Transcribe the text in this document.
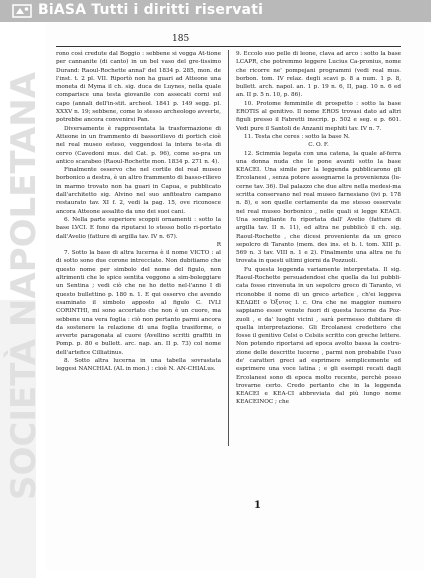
BiASA Tutti i diritti riservati
SOCIETÀ NAPOLETANA
185

rono così credute dal Boggio : sebbene si vegga At-tione per cannanite (di canto) in un bel vaso del gre-tissimo Durand: Raoul-Rochette annal' del 1834 p. 285, mon. de l'inst. t. 2 pl. VII. Riportò non ha guari ad Atteone una moneta di Myma il ch. sig. duca de Luynes, nella quale comparisce una testa giovanile con assecati corni sul capo (annali dell'in-stit. archeol. 1841 p. 149 segg. pl. XXXV n. 19; sebbene, come lo stesso archeologo avverte, potrebbe ancora convenirsi Pan.

Diversamente è rappresentata la trasformazione di Atteone in un frammento di bassorilievo di portich cioè nel real museo esteso, veggendosi la intera te-sta di cervo (Cavedoni mus. del Cat. p. 96), come so-pra un antico scarabeo (Raoul-Rochette mon. 1834 p. 271 n. 4).

Finalmente osservo che nel cortile del real museo borbonico a destra, è un altro frammento di basso-rilievo in marmo trovato non ha guari in Capua, e pubblicato dall'architetto sig. Alvino nel suo anfiteatro campano restaurato tav. XI f. 2, vedi la pag. 15, ove riconosce ancora Atteone assalito da uno dei suoi cani.

6. Nella parte superiore scoppii ornamenti : sotto la base LVCI. E fono da riputarsi lo stesso bollo ri-portato dall'Avelio (fatture di argilla tav. IV n. 67).

R

7. Sotto la base di altra lucerna è il nome VICTO : al di sotto sono due corone intrecciate. Non dubitiamo che questo nome per simbolo del nome del figulo, non altrimenti che le spice sentita veggono a sim-boleggiare un Sentina ; vedi ciò che ne ho detto nel-l'anno I di questo bullettino p. 180 n. 1. E qui osservo che avendo esaminato il simbolo apposto al figulo C. IVLI CORINTHI, mi sono accertato che non è un cuore, ma sebbene una vera foglia : ciò non pertanto parmi ancora da sostenere la relazione di una foglia trasiforme, o avverte paragonata al cuore (Avellino scritti graffiti in Pomp. p. 80 e bullett. arc. nap. an. II p. 73) col nome dell'artefice Cilliatinus.

8. Sotto altra lucerna in una tabella sovrastata leggesi NANCHIAL (AL in mon.) : cioè N. AN-CHIALus.

9. Eccolo suo pelle di leone, clava ad arco : sotto la base LCAPR, che potremmo leggere Lucius Ca-pronius, nome che ricorre ne' pompejani programmi (vedi real mus. borbon. tom. IV relaz. degli scavi p. 8 a num. 1 p. 8, bullett. arch. napol. an. 1 p. 19 n. 6, II, pag. 10 n. 6 ed an. II p. 5 n. 10, p. 86).

10. Protome femminile di prospetto : sotto la base EROTIS al genitivo. Il nome EROS trovasi dato ad altri figuli presso il Fabretti inscrip. p. 502 e seg. e p. 601. Vedi pure il Santoli de Anzanii mephiti tav. IV n. 7.

11. Testa che ceres : sotto la base N.

C. O. F.

12. Scimmia legata con una catena, la quale af-ferra una donna nuda che le pone avanti sotto la base KEACEI. Una simile per la leggenda pubblicarono gli Ercolanesi , senza potere assegnarne la provenienza (lu-cerne tav. 36). Dal palazzo che due altre nella medesi-ma scritta conservano nel real museo farnesiano (ivi p. 178 n. 8), e son quelle certamente da me stesso osservate nel real museo borbonico , nelle quali si legge KEACI. Una somigliante fu riportata dall' Avelio (fatture di argilla tav. II n. 11), ed altra ne pubblicò il ch. sig. Raoul-Rochette , che dicesi proveniente da un greco sepolcro di Taranto (mem. des ins. et b. l. tom. XIII p. 569 n. 3 tav. VIII n. 1 e 2). Finalmente una altra ne fu trovata in questi ultimi giorni da Pozzuoli.

Fu questa leggenda variamente interpretata. Il sig. Raoul-Rochette persuadendosi che quella da lui pubbli-cata fosse rinvenuta in un sepolcro greco di Taranto, vi riconobbe il nome di un greco artefice , ch'ei leggeva KEΛΩΕΙ o Ὀξυτος l. c. Ora che ne maggior numero sappiamo esser venute fuori di questa lucerne da Poz-zuoli , e da' luoghi vicini , sarà permesso dubitare di quella interpretazione. Gli Ercolanesi credettero che fosse il genitivo Celsi o Celsiis scritto con greche lettere. Non potendo riportarsi ad epoca avolto bassa la costru-zione delle descritte lucerne , parmi non probabile l'uso de' caratteri greci ad esprimere semplicemente ed esprimere una voce latina ; e gli esempii recati dagli Ercolanesi sono di epoca molto recente, perchè posso trovarne certo. Credo pertanto che in la leggenda KEACEI e KEA-CI abbreviata dal più lungo nome KEACEINOC ; che

1
